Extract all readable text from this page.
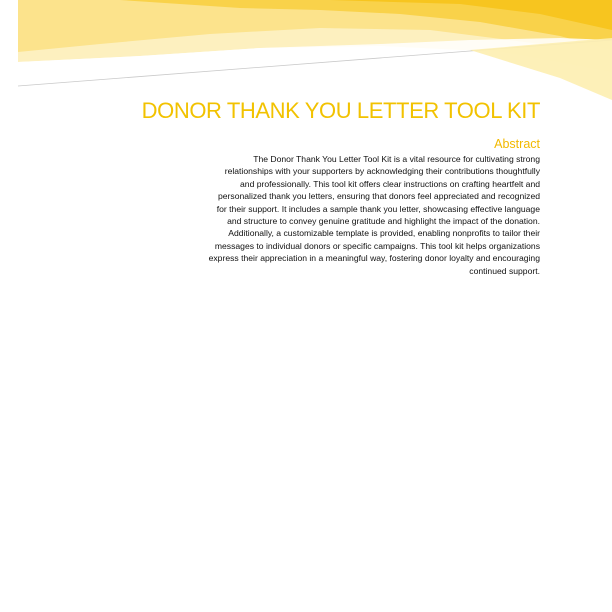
DONOR THANK YOU LETTER TOOL KIT
Abstract
The Donor Thank You Letter Tool Kit is a vital resource for cultivating strong
relationships with your supporters by acknowledging their contributions thoughtfully
and professionally. This tool kit offers clear instructions on crafting heartfelt and
personalized thank you letters, ensuring that donors feel appreciated and recognized
for their support. It includes a sample thank you letter, showcasing effective language
and structure to convey genuine gratitude and highlight the impact of the donation.
Additionally, a customizable template is provided, enabling nonprofits to tailor their
messages to individual donors or specific campaigns. This tool kit helps organizations
express their appreciation in a meaningful way, fostering donor loyalty and encouraging
continued support.
